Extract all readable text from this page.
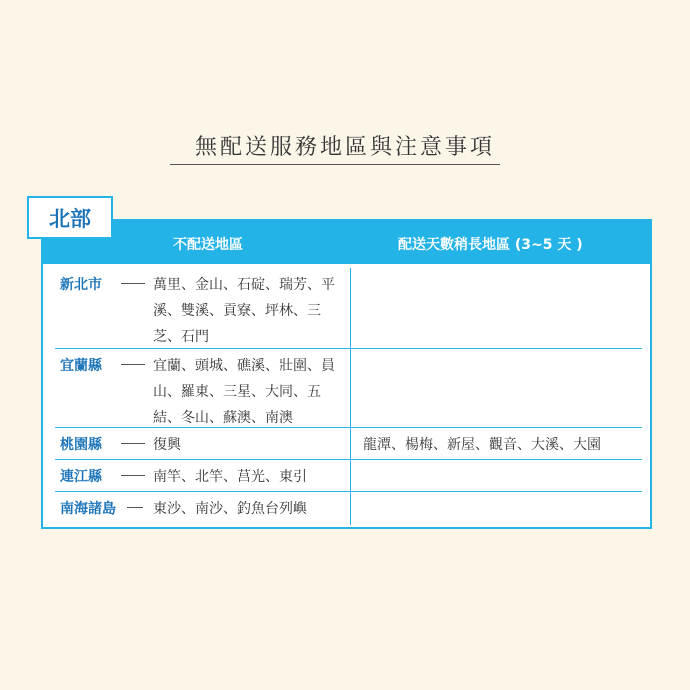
無配送服務地區與注意事項
北部
不配送地區	配送天數稍長地區 (3~5 天 )
新北市	萬里、金山、石碇、瑞芳、平溪、雙溪、貢寮、坪林、三芝、石門
宜蘭縣	宜蘭、頭城、礁溪、壯圍、員山、羅東、三星、大同、五結、冬山、蘇澳、南澳
桃園縣	復興	龍潭、楊梅、新屋、觀音、大溪、大園
連江縣	南竿、北竿、莒光、東引
南海諸島	東沙、南沙、釣魚台列嶼
